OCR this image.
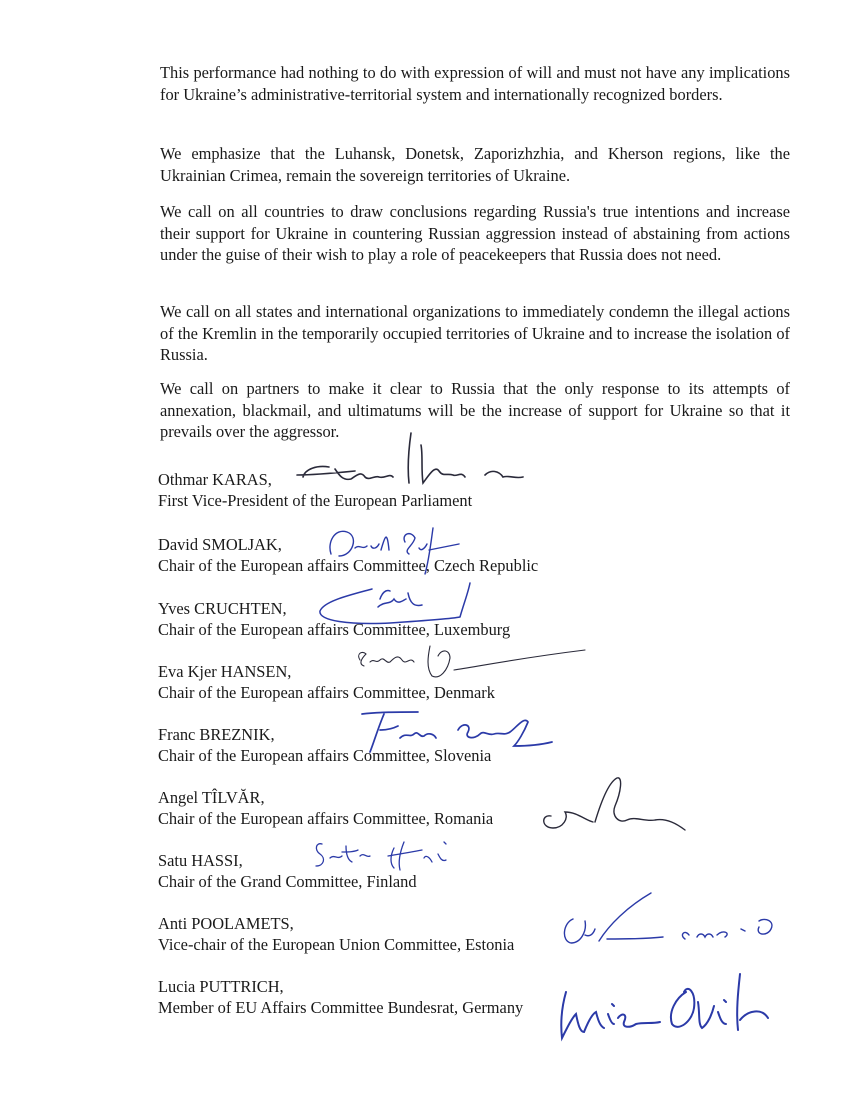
This performance had nothing to do with expression of will and must not have any implications for Ukraine’s administrative-territorial system and internationally recognized borders.

We emphasize that the Luhansk, Donetsk, Zaporizhzhia, and Kherson regions, like the Ukrainian Crimea, remain the sovereign territories of Ukraine.

We call on all countries to draw conclusions regarding Russia's true intentions and increase their support for Ukraine in countering Russian aggression instead of abstaining from actions under the guise of their wish to play a role of peacekeepers that Russia does not need.

We call on all states and international organizations to immediately condemn the illegal actions of the Kremlin in the temporarily occupied territories of Ukraine and to increase the isolation of Russia.

We call on partners to make it clear to Russia that the only response to its attempts of annexation, blackmail, and ultimatums will be the increase of support for Ukraine so that it prevails over the aggressor.

Othmar KARAS,
First Vice-President of the European Parliament
David SMOLJAK,
Chair of the European affairs Committee, Czech Republic
Yves CRUCHTEN,
Chair of the European affairs Committee, Luxemburg
Eva Kjer HANSEN,
Chair of the European affairs Committee, Denmark
Franc BREZNIK,
Chair of the European affairs Committee, Slovenia
Angel TÎLVĂR,
Chair of the European affairs Committee, Romania
Satu HASSI,
Chair of the Grand Committee, Finland
Anti POOLAMETS,
Vice-chair of the European Union Committee, Estonia
Lucia PUTTRICH,
Member of EU Affairs Committee Bundesrat, Germany
